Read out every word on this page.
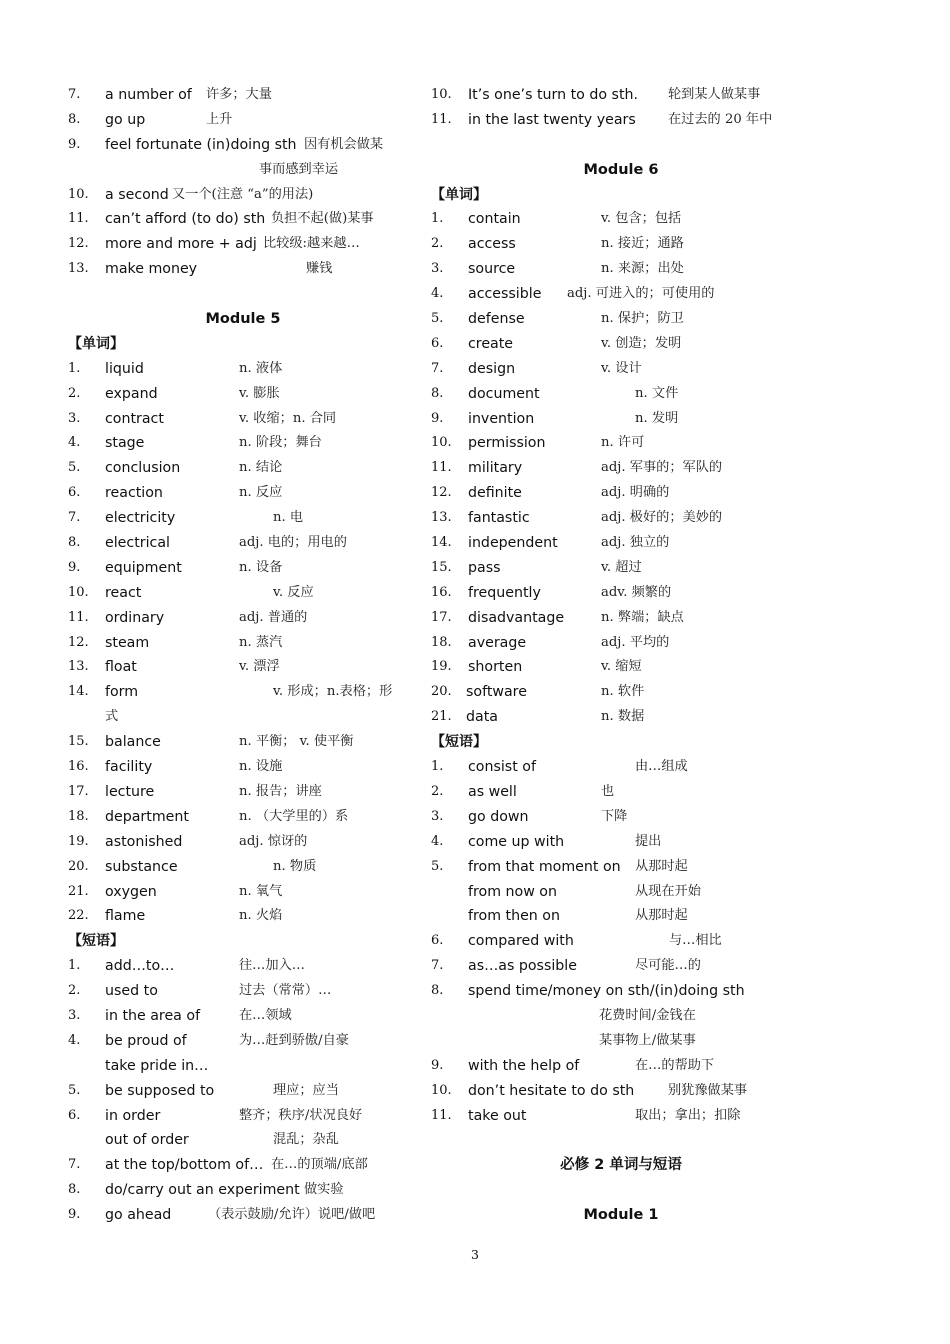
7. a number of 许多；大量
8. go up	上升
9. feel fortunate (in)doing sth 因有机会做某
事而感到幸运
10. a second 又一个(注意 “a”的用法)
11. can’t afford (to do) sth 负担不起(做)某事
12. more and more + adj 比较级:越来越…
13. make money	赚钱
Module 5
【单词】
1. liquid	n. 液体
2. expand	v. 膨胀
3. contract	v. 收缩；n. 合同
4. stage	n. 阶段；舞台
5. conclusion	n. 结论
6. reaction	n. 反应
7. electricity	n. 电
8. electrical	adj. 电的；用电的
9. equipment	n. 设备
10. react	v. 反应
11. ordinary	adj. 普通的
12. steam	n. 蒸汽
13. float	v. 漂浮
14. form	v. 形成；n.表格；形
式
15. balance	n. 平衡； v. 使平衡
16. facility	n. 设施
17. lecture	n. 报告；讲座
18. department	n. （大学里的）系
19. astonished	adj. 惊讶的
20. substance	n. 物质
21. oxygen	n. 氧气
22. flame	n. 火焰
【短语】
1. add…to…	往…加入…
2. used to	过去（常常）…
3. in the area of	在…领域
4. be proud of	为…赶到骄傲/自豪
take pride in…
5. be supposed to	理应；应当
6. in order	整齐；秩序/状况良好
out of order	混乱；杂乱
7. at the top/bottom of… 在…的顶端/底部
8. do/carry out an experiment 做实验
9. go ahead	（表示鼓励/允许）说吧/做吧
10. It’s one’s turn to do sth. 轮到某人做某事
11. in the last twenty years 在过去的 20 年中
Module 6
【单词】
1. contain	v. 包含；包括
2. access	n. 接近；通路
3. source	n. 来源；出处
4. accessible adj. 可进入的；可使用的
5. defense	n. 保护；防卫
6. create	v. 创造；发明
7. design	v. 设计
8. document	n. 文件
9. invention	n. 发明
10. permission	n. 许可
11. military	adj. 军事的；军队的
12. definite	adj. 明确的
13. fantastic	adj. 极好的；美妙的
14. independent	adj. 独立的
15. pass	v. 超过
16. frequently	adv. 频繁的
17. disadvantage	n. 弊端；缺点
18. average	adj. 平均的
19. shorten	v. 缩短
20. software	n. 软件
21. data	n. 数据
【短语】
1. consist of	由…组成
2. as well	也
3. go down	下降
4. come up with	提出
5. from that moment on 从那时起
from now on	从现在开始
from then on	从那时起
6. compared with	与…相比
7. as…as possible	尽可能…的
8. spend time/money on sth/(in)doing sth
花费时间/金钱在
某事物上/做某事
9. with the help of	在…的帮助下
10. don’t hesitate to do sth	别犹豫做某事
11. take out	取出；拿出；扣除
必修 2 单词与短语
Module 1
3
